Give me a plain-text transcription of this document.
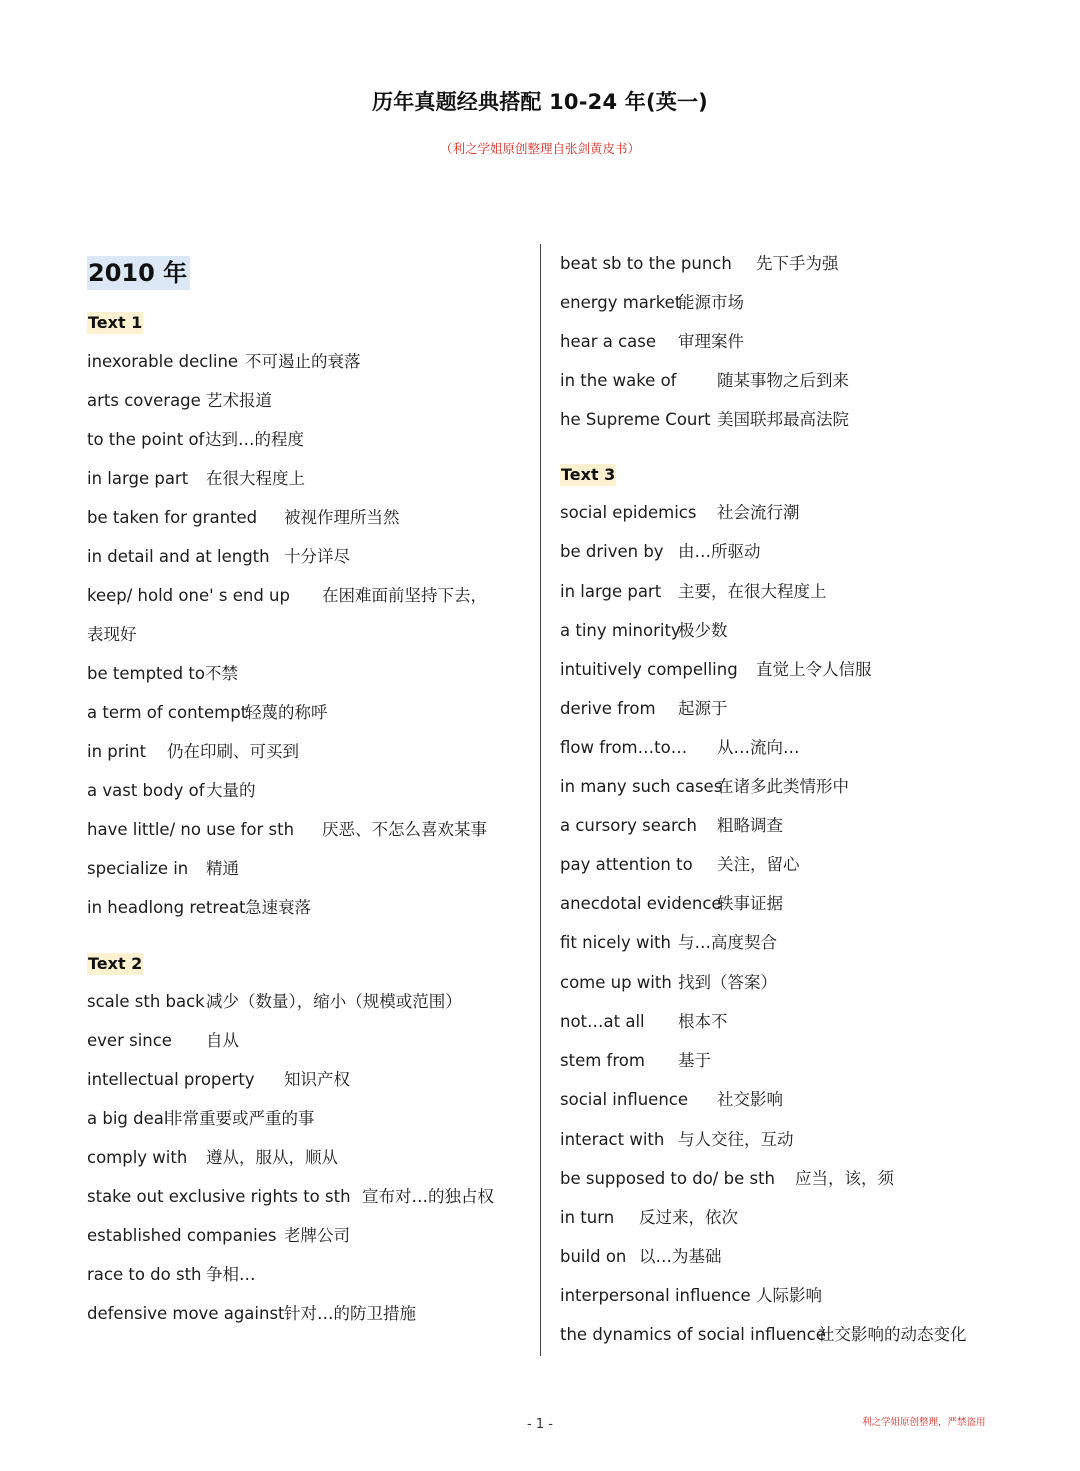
历年真题经典搭配 10-24 年(英一)
（利之学姐原创整理自张剑黄皮书）
2010 年
Text 1
inexorable decline 不可遏止的衰落
arts coverage 艺术报道
to the point of达到…的程度
in large part 在很大程度上
be taken for granted 被视作理所当然
in detail and at length 十分详尽
keep/ hold one' s end up 在困难面前坚持下去，
表现好
be tempted to不禁
a term of contempt轻蔑的称呼
in print 仍在印刷、可买到
a vast body of大量的
have little/ no use for sth 厌恶、不怎么喜欢某事
specialize in 精通
in headlong retreat急速衰落
Text 2
scale sth back减少（数量），缩小（规模或范围）
ever since 自从
intellectual property 知识产权
a big deal非常重要或严重的事
comply with 遵从，服从，顺从
stake out exclusive rights to sth 宣布对…的独占权
established companies 老牌公司
race to do sth 争相…
defensive move against针对…的防卫措施
beat sb to the punch 先下手为强
energy market能源市场
hear a case 审理案件
in the wake of 随某事物之后到来
he Supreme Court 美国联邦最高法院
Text 3
social epidemics 社会流行潮
be driven by 由…所驱动
in large part 主要，在很大程度上
a tiny minority极少数
intuitively compelling 直觉上令人信服
derive from 起源于
flow from…to… 从…流向…
in many such cases在诸多此类情形中
a cursory search 粗略调查
pay attention to 关注，留心
anecdotal evidence轶事证据
fit nicely with 与…高度契合
come up with 找到（答案）
not…at all 根本不
stem from 基于
social influence 社交影响
interact with 与人交往，互动
be supposed to do/ be sth 应当，该，须
in turn 反过来，依次
build on 以…为基础
interpersonal influence 人际影响
the dynamics of social influence社交影响的动态变化
- 1 -	利之学姐原创整理，严禁盗用
